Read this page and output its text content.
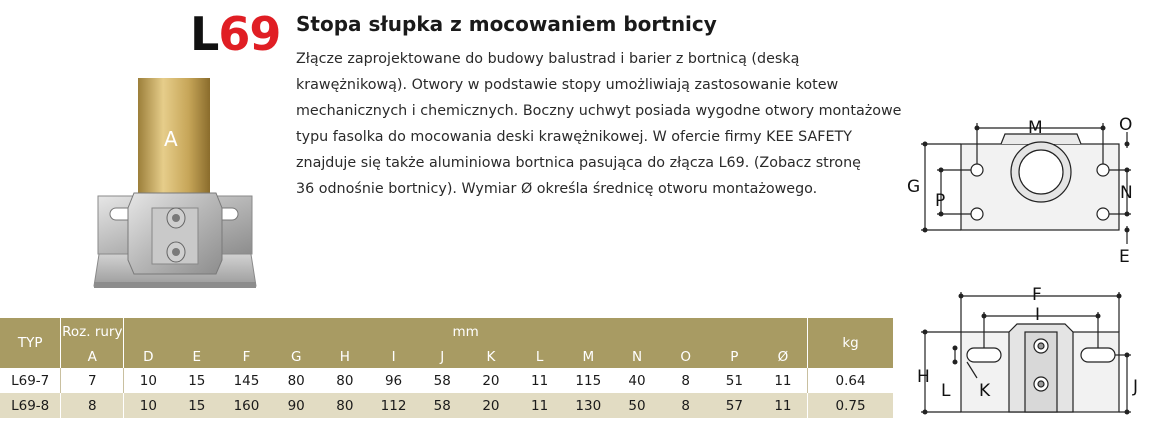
A
L69 Stopa słupka z mocowaniem bortnicy
Złącze zaprojektowane do budowy balustrad i barier z bortnicą (deską
krawężnikową). Otwory w podstawie stopy umożliwiają zastosowanie kotew
mechanicznych i chemicznych. Boczny uchwyt posiada wygodne otwory montażowe
typu fasolka do mocowania deski krawężnikowej. W ofercie firmy KEE SAFETY
znajduje się także aluminiowa bortnica pasująca do złącza L69. (Zobacz stronę
36 odnośnie bortnicy). Wymiar Ø określa średnicę otworu montażowego.
M	O
G
P	N
E
F
I
H
L K	J
TYP	Roz. rury	mm														kg
	A	D	E	F	G	H	I	J	K	L	M	N	O	P	Ø	
L69-7	7	10	15	145	80	80	96	58	20	11	115	40	8	51	11	0.64
L69-8	8	10	15	160	90	80	112	58	20	11	130	50	8	57	11	0.75
